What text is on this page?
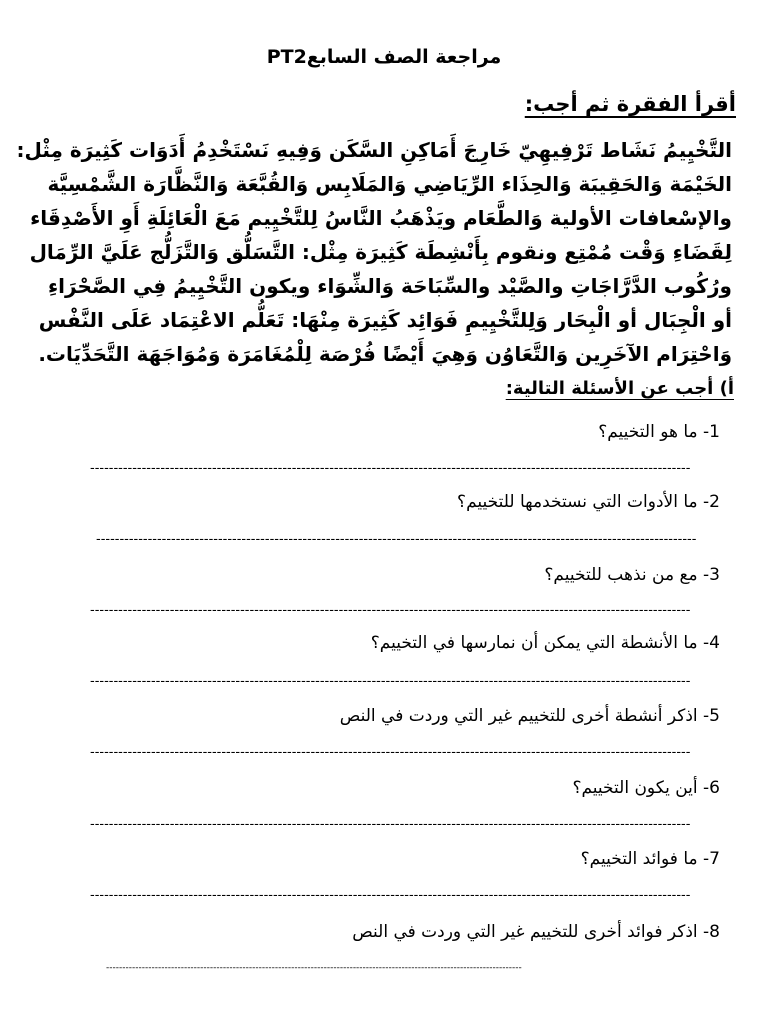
مراجعة الصف السابعPT2
أقرأ الفقرة ثم أجب:
التَّخْيِيمُ نَشَاط تَرْفِيهِيّ خَارِجَ أَمَاكِنِ السَّكَن وَفِيهِ نَسْتَخْدِمُ أَدَوَات كَثِيرَة مِثْل:
الخَيْمَة وَالحَقِيبَة وَالحِذَاء الرِّيَاضِي وَالمَلَابِس وَالقُبَّعَة وَالنَّظَّارَة الشَّمْسِيَّة
والإسْعافات الأولية وَالطَّعَام ويَذْهَبُ النَّاسُ لِلتَّخْيِيم مَعَ الْعَائِلَةِ أَوِ الأَصْدِقَاء
لِقَضَاءِ وَقْت مُمْتِع ونقوم بِأَنْشِطَة كَثِيرَة مِثْل: التَّسَلُّق وَالتَّزَلُّج عَلَيَّ الرِّمَال
ورُكُوب الدَّرَّاجَاتِ والصَّيْد والسِّبَاحَة وَالشِّوَاء ويكون التَّخْيِيمُ فِي الصَّحْرَاءِ
أو الْجِبَال أو الْبِحَار وَلِلتَّخْيِيمِ فَوَائِد كَثِيرَة مِنْهَا: تَعَلُّم الاعْتِمَاد عَلَى النَّفْس
وَاحْتِرَام الآخَرِين وَالتَّعَاوُن وَهِيَ أَيْضًا فُرْصَة لِلْمُغَامَرَة وَمُوَاجَهَة التَّحَدِّيَات.
أ) أجب عن الأسئلة التالية:
1- ما هو التخييم؟
--------------------------------------------------------------------------------------------------------------------------------
2- ما الأدوات التي نستخدمها للتخييم؟
--------------------------------------------------------------------------------------------------------------------------------
3- مع من نذهب للتخييم؟
--------------------------------------------------------------------------------------------------------------------------------
4- ما الأنشطة التي يمكن أن نمارسها في التخييم؟
--------------------------------------------------------------------------------------------------------------------------------
5- اذكر أنشطة أخرى للتخييم غير التي وردت في النص
--------------------------------------------------------------------------------------------------------------------------------
6- أين يكون التخييم؟
--------------------------------------------------------------------------------------------------------------------------------
7- ما فوائد التخييم؟
--------------------------------------------------------------------------------------------------------------------------------
8- اذكر فوائد أخرى للتخييم غير التي وردت في النص
--------------------------------------------------------------------------------------------------------------------------------
